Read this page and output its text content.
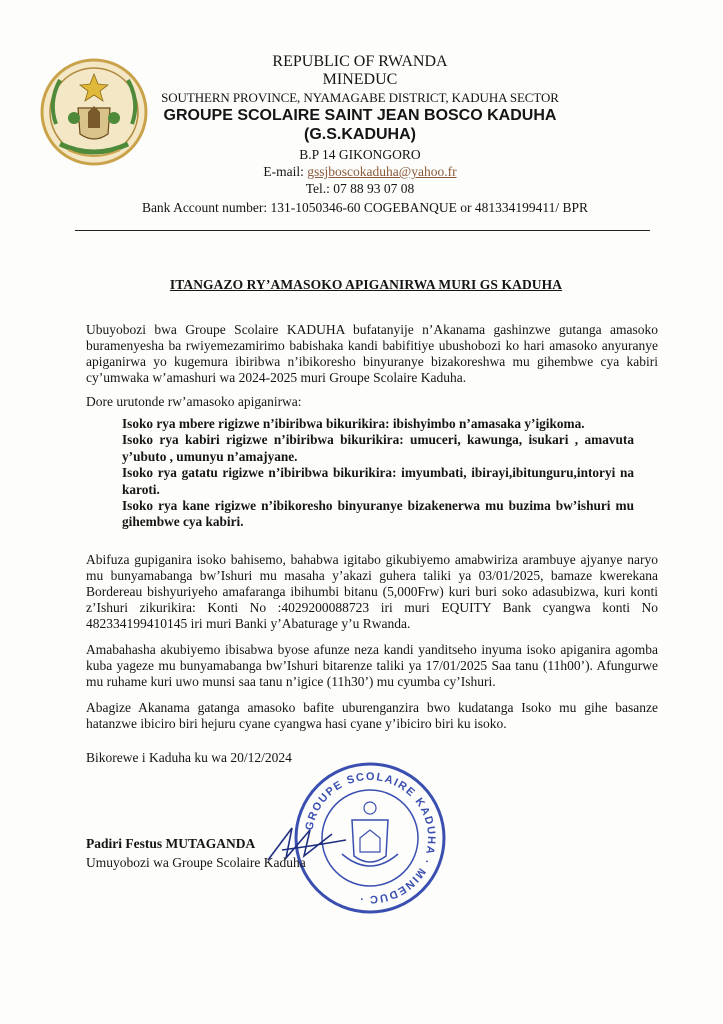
REPUBLIC OF RWANDA
MINEDUC
SOUTHERN PROVINCE, NYAMAGABE DISTRICT, KADUHA SECTOR
GROUPE SCOLAIRE SAINT JEAN BOSCO KADUHA
(G.S.KADUHA)
B.P 14 GIKONGORO
E-mail: gssjboscokaduha@yahoo.fr
Tel.: 07 88 93 07 08
Bank Account number: 131-1050346-60 COGEBANQUE or 481334199411/ BPR
ITANGAZO RY’AMASOKO APIGANIRWA MURI GS KADUHA
Ubuyobozi bwa Groupe Scolaire KADUHA bufatanyije n’Akanama gashinzwe gutanga amasoko buramenyesha ba rwiyemezamirimo babishaka kandi babifitiye ubushobozi ko hari amasoko anyuranye apiganirwa yo kugemura ibiribwa n’ibikoresho binyuranye bizakoreshwa mu gihembwe cya kabiri cy’umwaka w’amashuri wa 2024-2025 muri Groupe Scolaire Kaduha.
Dore urutonde rw’amasoko apiganirwa:
Isoko rya mbere rigizwe n’ibiribwa bikurikira: ibishyimbo n’amasaka y’igikoma.
Isoko rya kabiri rigizwe n’ibiribwa bikurikira: umuceri, kawunga, isukari , amavuta y’ubuto , umunyu n’amajyane.
Isoko rya gatatu rigizwe n’ibiribwa bikurikira: imyumbati, ibirayi,ibitunguru,intoryi na karoti.
Isoko rya kane rigizwe n’ibikoresho binyuranye bizakenerwa mu buzima bw’ishuri mu gihembwe cya kabiri.
Abifuza gupiganira isoko bahisemo, bahabwa igitabo gikubiyemo amabwiriza arambuye ajyanye naryo mu bunyamabanga bw’Ishuri mu masaha y’akazi guhera taliki ya 03/01/2025, bamaze kwerekana Bordereau bishyuriyeho amafaranga ibihumbi bitanu (5,000Frw) kuri buri soko adasubizwa, kuri konti z’Ishuri zikurikira: Konti No :4029200088723 iri muri EQUITY Bank cyangwa konti No 482334199410145 iri muri Banki y’Abaturage y’u Rwanda.
Amabahasha akubiyemo ibisabwa byose afunze neza kandi yanditseho inyuma isoko apiganira agomba kuba yageze mu bunyamabanga bw’Ishuri bitarenze taliki ya 17/01/2025 Saa tanu (11h00’). Afungurwe mu ruhame kuri uwo munsi saa tanu n’igice (11h30’) mu cyumba cy’Ishuri.
Abagize Akanama gatanga amasoko bafite uburenganzira bwo kudatanga Isoko mu gihe basanze hatanzwe ibiciro biri hejuru cyane cyangwa hasi cyane y’ibiciro biri ku isoko.
Bikorewe i Kaduha ku wa 20/12/2024
GROUPE SCOLAIRE KADUHA · MINEDUC ·
Padiri Festus MUTAGANDA
Umuyobozi wa Groupe Scolaire Kaduha
